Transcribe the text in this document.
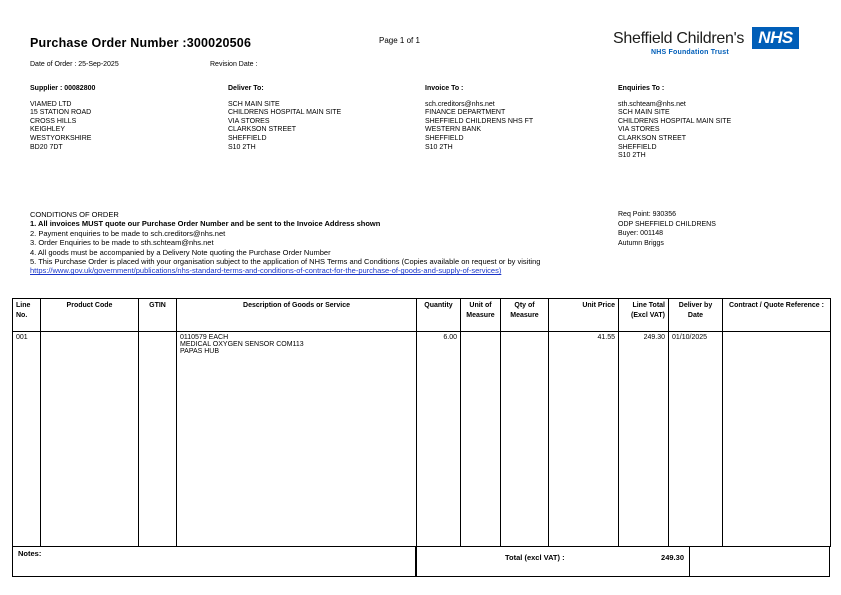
Purchase Order Number :300020506	Page 1 of 1
Date of Order : 25-Sep-2025	Revision Date :
Sheffield Children's NHS
NHS Foundation Trust
Supplier : 00082800
VIAMED LTD
15 STATION ROAD
CROSS HILLS
KEIGHLEY
WESTYORKSHIRE
BD20 7DT
Deliver To:
SCH MAIN SITE
CHILDRENS HOSPITAL MAIN SITE
VIA STORES
CLARKSON STREET
SHEFFIELD
S10 2TH
Invoice To :
sch.creditors@nhs.net
FINANCE DEPARTMENT
SHEFFIELD CHILDRENS NHS FT
WESTERN BANK
SHEFFIELD
S10 2TH
Enquiries To :
sth.schteam@nhs.net
SCH MAIN SITE
CHILDRENS HOSPITAL MAIN SITE
VIA STORES
CLARKSON STREET
SHEFFIELD
S10 2TH
CONDITIONS OF ORDER
1. All invoices MUST quote our Purchase Order Number and be sent to the Invoice Address shown
2. Payment enquiries to be made to sch.creditors@nhs.net
3. Order Enquiries to be made to sth.schteam@nhs.net
4. All goods must be accompanied by a Delivery Note quoting the Purchase Order Number
5. This Purchase Order is placed with your organisation subject to the application of NHS Terms and Conditions (Copies available on request or by visiting
https://www.gov.uk/government/publications/nhs-standard-terms-and-conditions-of-contract-for-the-purchase-of-goods-and-supply-of-services)
Req Point: 930356
ODP SHEFFIELD CHILDRENS
Buyer: 001148
Autumn Briggs
Line No.	Product Code	GTIN	Description of Goods or Service	Quantity	Unit of Measure	Qty of Measure	Unit Price	Line Total (Excl VAT)	Deliver by Date	Contract / Quote Reference :
001			0110579 EACH
MEDICAL OXYGEN SENSOR COM113
PAPAS HUB	6.00			41.55	249.30	01/10/2025	
Notes:	Total (excl VAT) :	249.30
